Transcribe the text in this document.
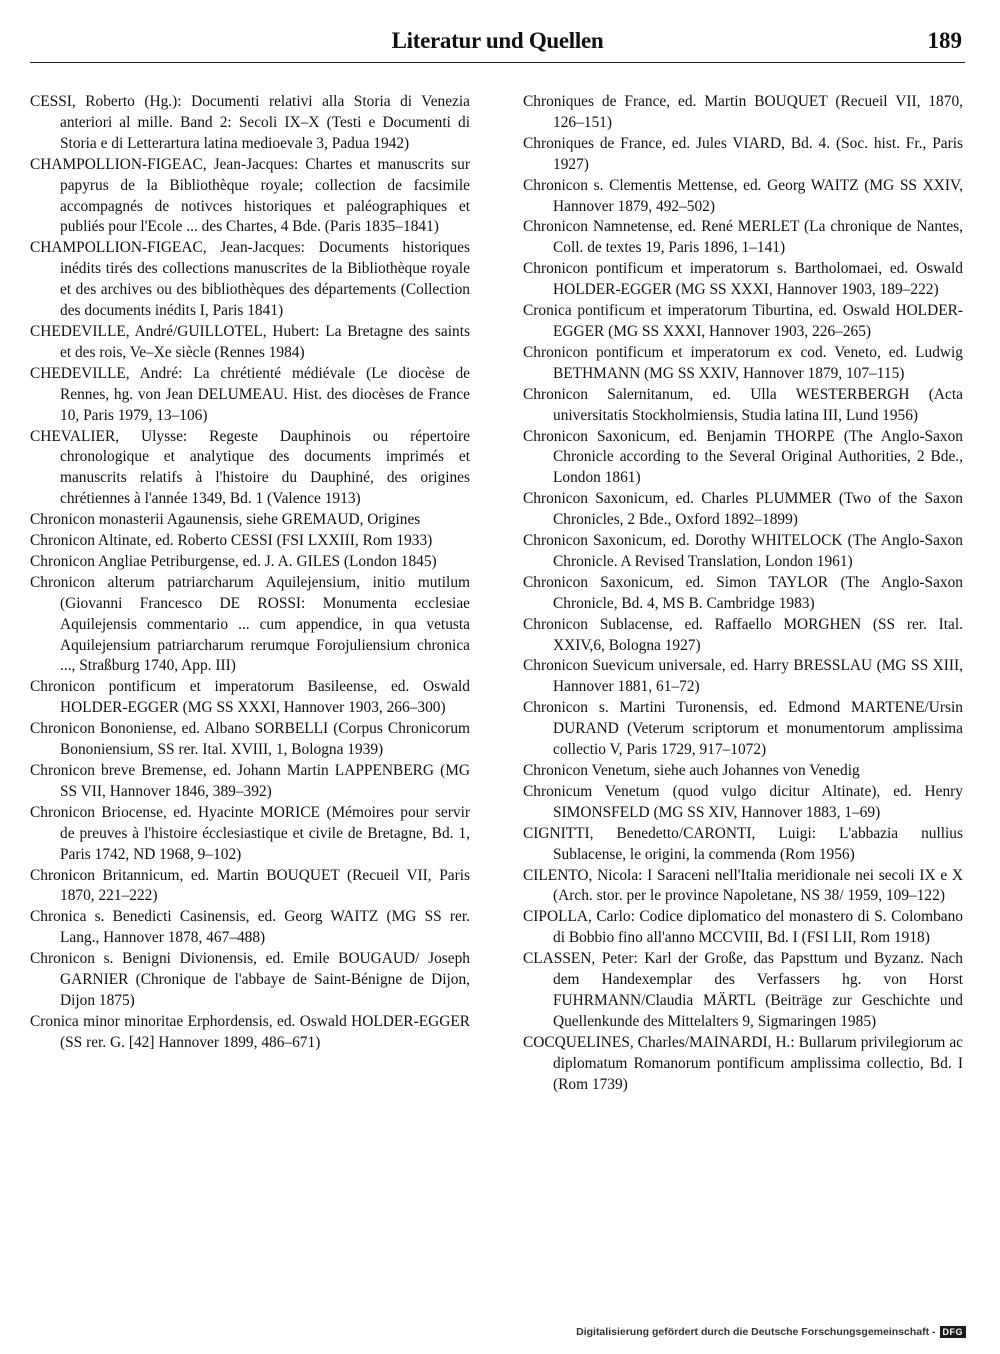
Literatur und Quellen	189

CESSI, Roberto (Hg.): Documenti relativi alla Storia di Venezia anteriori al mille. Band 2: Secoli IX–X (Testi e Documenti di Storia e di Letterartura latina medioevale 3, Padua 1942)

CHAMPOLLION-FIGEAC, Jean-Jacques: Chartes et manuscrits sur papyrus de la Bibliothèque royale; collection de facsimile accompagnés de notivces historiques et paléographiques et publiés pour l'Ecole ... des Chartes, 4 Bde. (Paris 1835–1841)

CHAMPOLLION-FIGEAC, Jean-Jacques: Documents historiques inédits tirés des collections manuscrites de la Bibliothèque royale et des archives ou des bibliothèques des départements (Collection des documents inédits I, Paris 1841)

CHEDEVILLE, André/GUILLOTEL, Hubert: La Bretagne des saints et des rois, Ve–Xe siècle (Rennes 1984)

CHEDEVILLE, André: La chrétienté médiévale (Le diocèse de Rennes, hg. von Jean DELUMEAU. Hist. des diocèses de France 10, Paris 1979, 13–106)

CHEVALIER, Ulysse: Regeste Dauphinois ou répertoire chronologique et analytique des documents imprimés et manuscrits relatifs à l'histoire du Dauphiné, des origines chrétiennes à l'année 1349, Bd. 1 (Valence 1913)

Chronicon monasterii Agaunensis, siehe GREMAUD, Origines

Chronicon Altinate, ed. Roberto CESSI (FSI LXXIII, Rom 1933)

Chronicon Angliae Petriburgense, ed. J. A. GILES (London 1845)

Chronicon alterum patriarcharum Aquilejensium, initio mutilum (Giovanni Francesco DE ROSSI: Monumenta ecclesiae Aquilejensis commentario ... cum appendice, in qua vetusta Aquilejensium patriarcharum rerumque Forojuliensium chronica ..., Straßburg 1740, App. III)

Chronicon pontificum et imperatorum Basileense, ed. Oswald HOLDER-EGGER (MG SS XXXI, Hannover 1903, 266–300)

Chronicon Bononiense, ed. Albano SORBELLI (Corpus Chronicorum Bononiensium, SS rer. Ital. XVIII, 1, Bologna 1939)

Chronicon breve Bremense, ed. Johann Martin LAPPENBERG (MG SS VII, Hannover 1846, 389–392)

Chronicon Briocense, ed. Hyacinte MORICE (Mémoires pour servir de preuves à l'histoire écclesiastique et civile de Bretagne, Bd. 1, Paris 1742, ND 1968, 9–102)

Chronicon Britannicum, ed. Martin BOUQUET (Recueil VII, Paris 1870, 221–222)

Chronica s. Benedicti Casinensis, ed. Georg WAITZ (MG SS rer. Lang., Hannover 1878, 467–488)

Chronicon s. Benigni Divionensis, ed. Emile BOUGAUD/ Joseph GARNIER (Chronique de l'abbaye de Saint-Bénigne de Dijon, Dijon 1875)

Cronica minor minoritae Erphordensis, ed. Oswald HOLDER-EGGER (SS rer. G. [42] Hannover 1899, 486–671)

Chroniques de France, ed. Martin BOUQUET (Recueil VII, 1870, 126–151)

Chroniques de France, ed. Jules VIARD, Bd. 4. (Soc. hist. Fr., Paris 1927)

Chronicon s. Clementis Mettense, ed. Georg WAITZ (MG SS XXIV, Hannover 1879, 492–502)

Chronicon Namnetense, ed. René MERLET (La chronique de Nantes, Coll. de textes 19, Paris 1896, 1–141)

Chronicon pontificum et imperatorum s. Bartholomaei, ed. Oswald HOLDER-EGGER (MG SS XXXI, Hannover 1903, 189–222)

Cronica pontificum et imperatorum Tiburtina, ed. Oswald HOLDER-EGGER (MG SS XXXI, Hannover 1903, 226–265)

Chronicon pontificum et imperatorum ex cod. Veneto, ed. Ludwig BETHMANN (MG SS XXIV, Hannover 1879, 107–115)

Chronicon Salernitanum, ed. Ulla WESTERBERGH (Acta universitatis Stockholmiensis, Studia latina III, Lund 1956)

Chronicon Saxonicum, ed. Benjamin THORPE (The Anglo-Saxon Chronicle according to the Several Original Authorities, 2 Bde., London 1861)

Chronicon Saxonicum, ed. Charles PLUMMER (Two of the Saxon Chronicles, 2 Bde., Oxford 1892–1899)

Chronicon Saxonicum, ed. Dorothy WHITELOCK (The Anglo-Saxon Chronicle. A Revised Translation, London 1961)

Chronicon Saxonicum, ed. Simon TAYLOR (The Anglo-Saxon Chronicle, Bd. 4, MS B. Cambridge 1983)

Chronicon Sublacense, ed. Raffaello MORGHEN (SS rer. Ital. XXIV,6, Bologna 1927)

Chronicon Suevicum universale, ed. Harry BRESSLAU (MG SS XIII, Hannover 1881, 61–72)

Chronicon s. Martini Turonensis, ed. Edmond MARTENE/Ursin DURAND (Veterum scriptorum et monumentorum amplissima collectio V, Paris 1729, 917–1072)

Chronicon Venetum, siehe auch Johannes von Venedig

Chronicum Venetum (quod vulgo dicitur Altinate), ed. Henry SIMONSFELD (MG SS XIV, Hannover 1883, 1–69)

CIGNITTI, Benedetto/CARONTI, Luigi: L'abbazia nullius Sublacense, le origini, la commenda (Rom 1956)

CILENTO, Nicola: I Saraceni nell'Italia meridionale nei secoli IX e X (Arch. stor. per le province Napoletane, NS 38/ 1959, 109–122)

CIPOLLA, Carlo: Codice diplomatico del monastero di S. Colombano di Bobbio fino all'anno MCCVIII, Bd. I (FSI LII, Rom 1918)

CLASSEN, Peter: Karl der Große, das Papsttum und Byzanz. Nach dem Handexemplar des Verfassers hg. von Horst FUHRMANN/Claudia MÄRTL (Beiträge zur Geschichte und Quellenkunde des Mittelalters 9, Sigmaringen 1985)

COCQUELINES, Charles/MAINARDI, H.: Bullarum privilegiorum ac diplomatum Romanorum pontificum amplissima collectio, Bd. I (Rom 1739)

Digitalisierung gefördert durch die Deutsche Forschungsgemeinschaft - DFG
